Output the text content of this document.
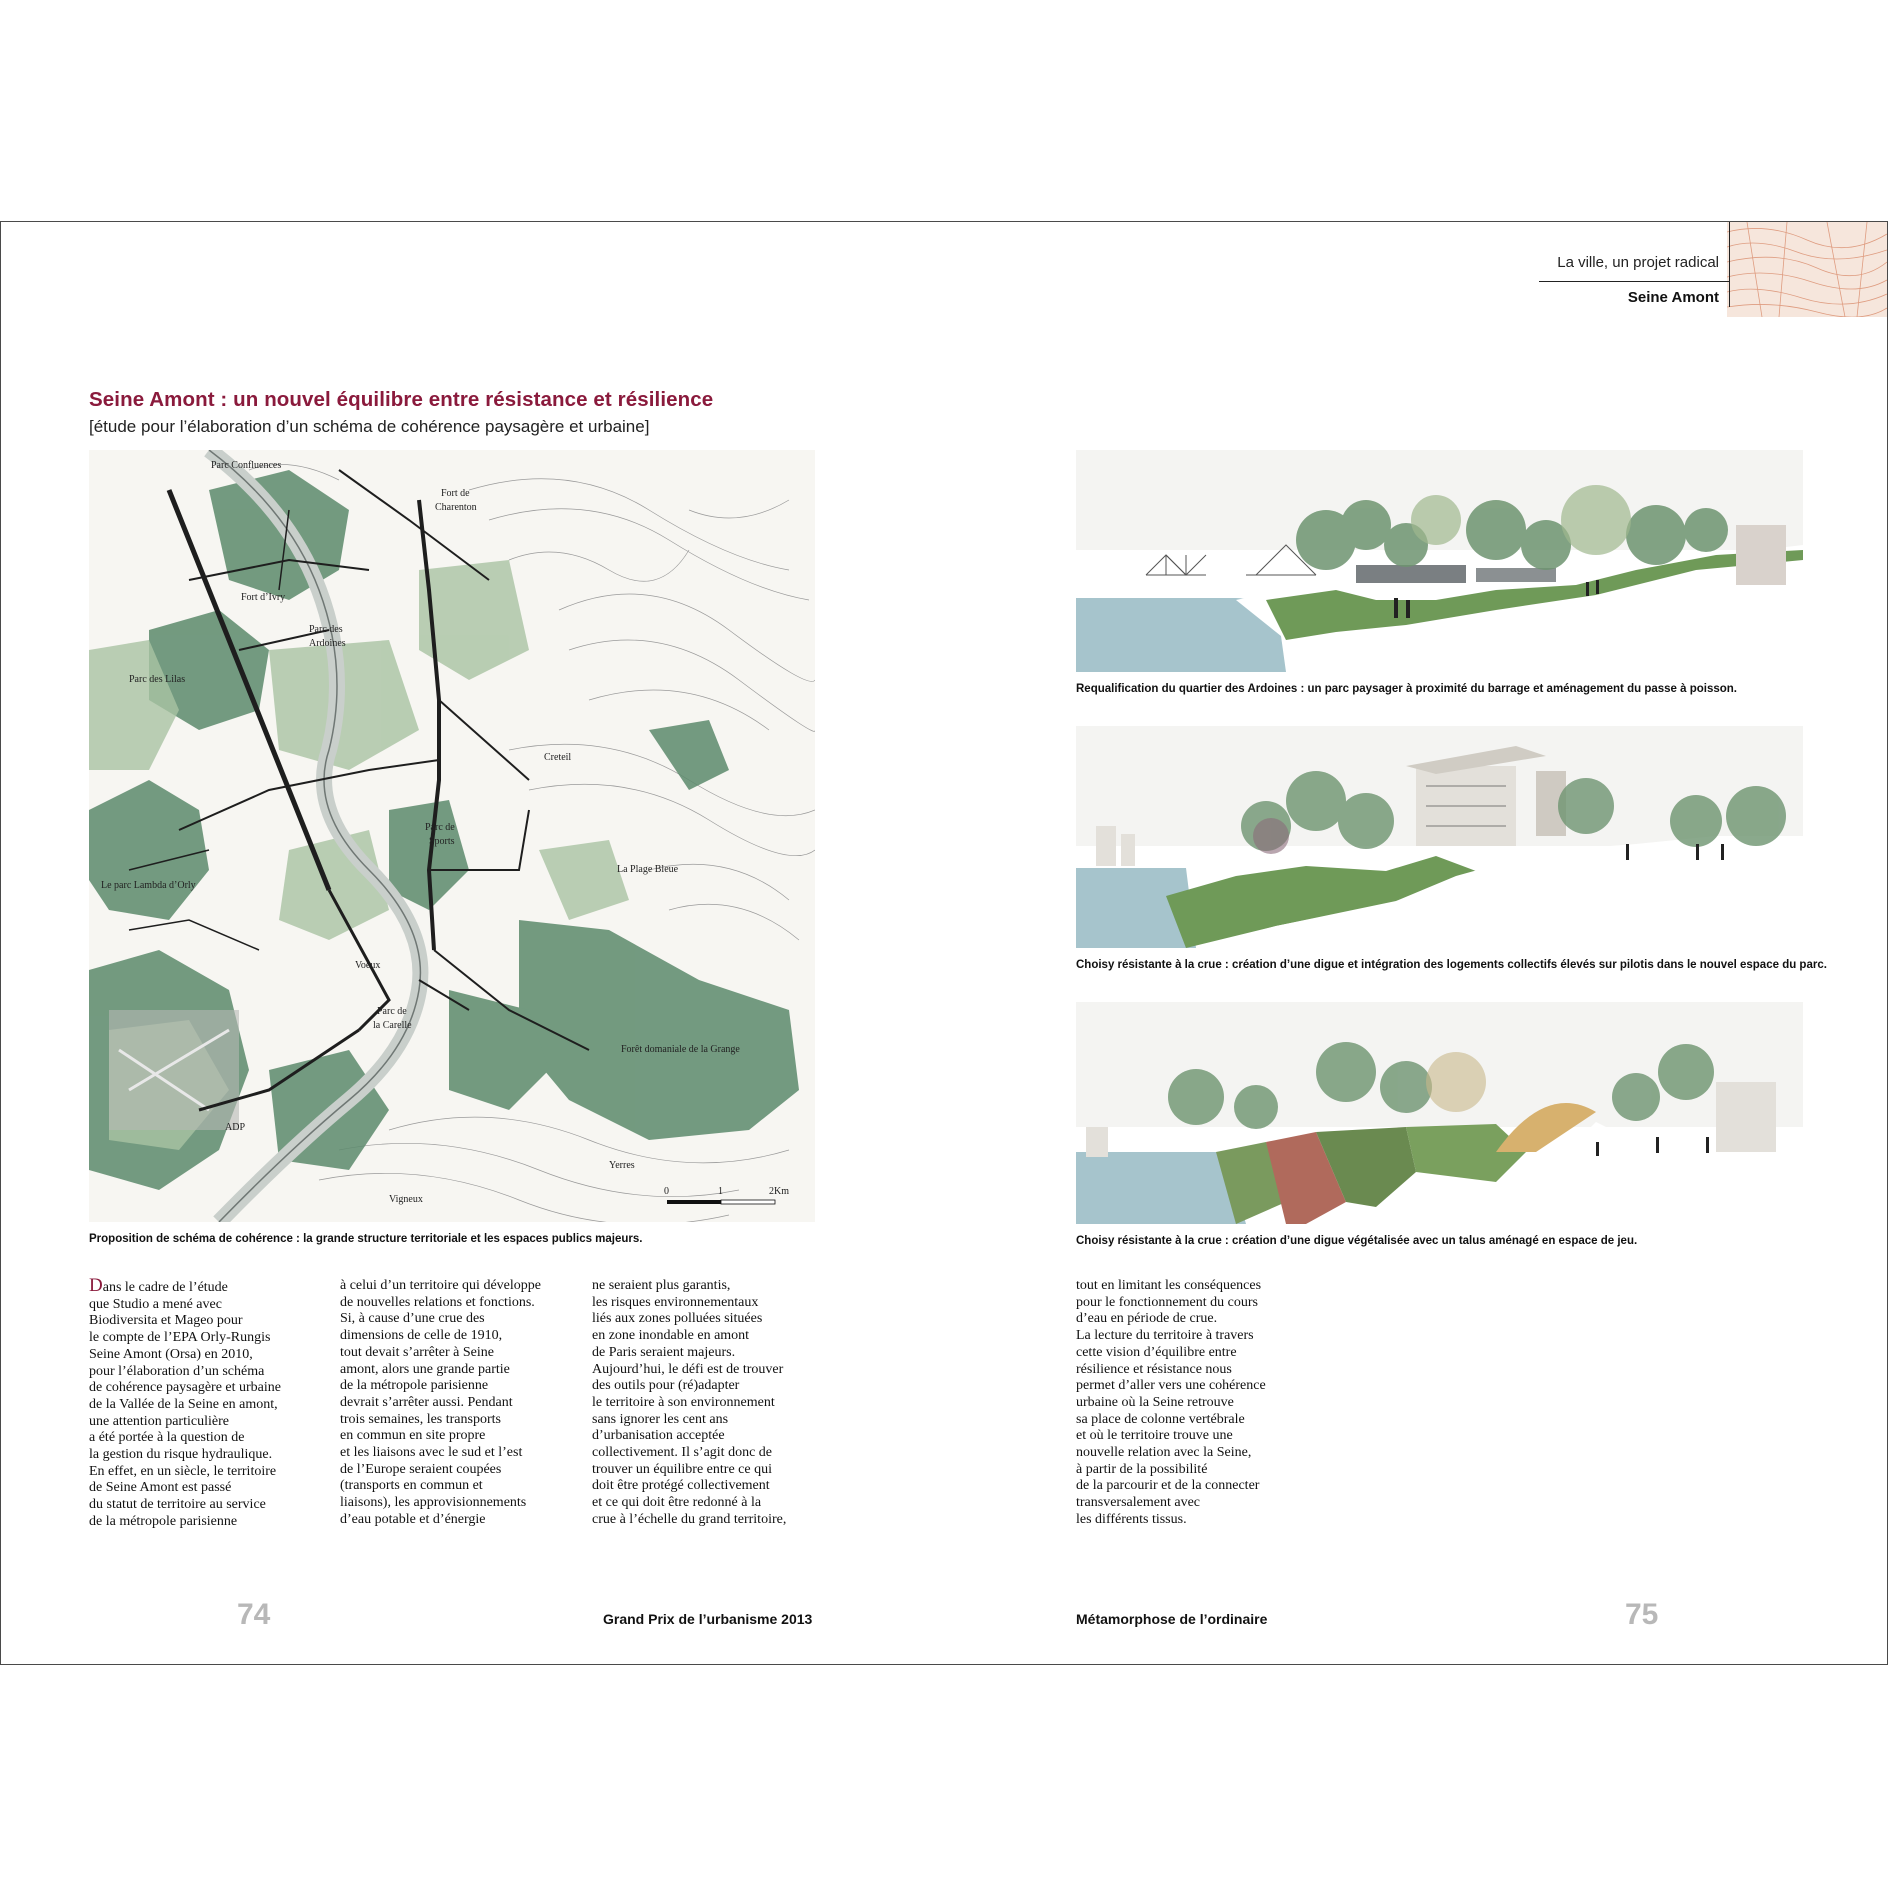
La ville, un projet radical
Seine Amont
Seine Amont : un nouvel équilibre entre résistance et résilience
[étude pour l’élaboration d’un schéma de cohérence paysagère et urbaine]
Parc Confluences
Fort de
Charenton
Fort d’Ivry
Parc des
Ardoines
Parc des Lilas
Creteil
Parc de
Sports
La Plage Bleue
Le parc Lambda d’Orly
Voeux
Parc de
la Carelle
Forêt domaniale de la Grange
ADP
Yerres
Vigneux
0	1	2Km
Proposition de schéma de cohérence : la grande structure territoriale et les espaces publics majeurs.
Requalification du quartier des Ardoines : un parc paysager à proximité du barrage et aménagement du passe à poisson.
Choisy résistante à la crue : création d’une digue et intégration des logements collectifs élevés sur pilotis dans le nouvel espace du parc.
Choisy résistante à la crue : création d’une digue végétalisée avec un talus aménagé en espace de jeu.
Dans le cadre de l’étude
que Studio a mené avec
Biodiversita et Mageo pour
le compte de l’EPA Orly-Rungis
Seine Amont (Orsa) en 2010,
pour l’élaboration d’un schéma
de cohérence paysagère et urbaine
de la Vallée de la Seine en amont,
une attention particulière
a été portée à la question de
la gestion du risque hydraulique.
En effet, en un siècle, le territoire
de Seine Amont est passé
du statut de territoire au service
de la métropole parisienne
à celui d’un territoire qui développe
de nouvelles relations et fonctions.
Si, à cause d’une crue des
dimensions de celle de 1910,
tout devait s’arrêter à Seine
amont, alors une grande partie
de la métropole parisienne
devrait s’arrêter aussi. Pendant
trois semaines, les transports
en commun en site propre
et les liaisons avec le sud et l’est
de l’Europe seraient coupées
(transports en commun et
liaisons), les approvisionnements
d’eau potable et d’énergie
ne seraient plus garantis,
les risques environnementaux
liés aux zones polluées situées
en zone inondable en amont
de Paris seraient majeurs.
Aujourd’hui, le défi est de trouver
des outils pour (ré)adapter
le territoire à son environnement
sans ignorer les cent ans
d’urbanisation acceptée
collectivement. Il s’agit donc de
trouver un équilibre entre ce qui
doit être protégé collectivement
et ce qui doit être redonné à la
crue à l’échelle du grand territoire,
tout en limitant les conséquences
pour le fonctionnement du cours
d’eau en période de crue.
La lecture du territoire à travers
cette vision d’équilibre entre
résilience et résistance nous
permet d’aller vers une cohérence
urbaine où la Seine retrouve
sa place de colonne vertébrale
et où le territoire trouve une
nouvelle relation avec la Seine,
à partir de la possibilité
de la parcourir et de la connecter
transversalement avec
les différents tissus.
74	Grand Prix de l’urbanisme 2013	Métamorphose de l’ordinaire	75
